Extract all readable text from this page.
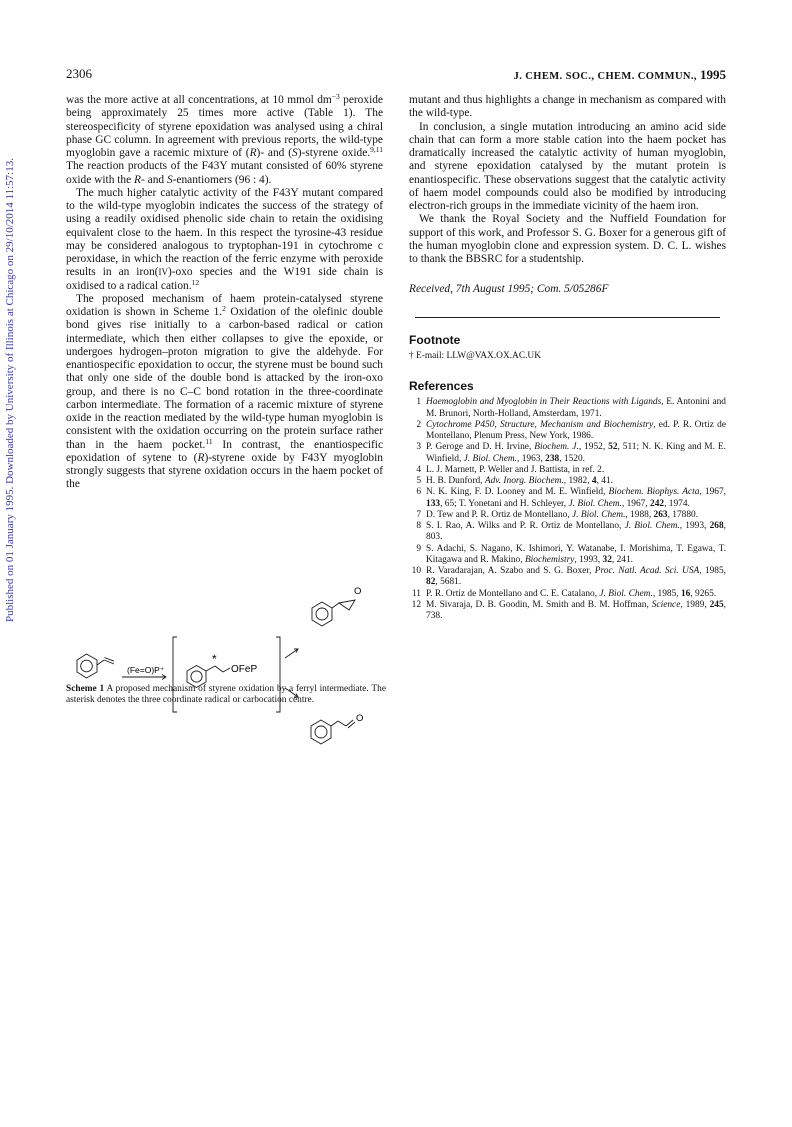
Published on 01 January 1995. Downloaded by University of Illinois at Chicago on 29/10/2014 11:57:13.
2306	J. CHEM. SOC., CHEM. COMMUN., 1995

was the more active at all concentrations, at 10 mmol $dm^{-3}$ peroxide being approximately 25 times more active (Table 1). The stereospecificity of styrene epoxidation was analysed using a chiral phase GC column. In agreement with previous reports, the wild-type myoglobin gave a racemic mixture of (R)- and (S)-styrene oxide.$^{9,11}$ The reaction products of the F43Y mutant consisted of 60% styrene oxide with the R- and S-enantiomers (96 : 4).

The much higher catalytic activity of the F43Y mutant compared to the wild-type myoglobin indicates the success of the strategy of using a readily oxidised phenolic side chain to retain the oxidising equivalent close to the haem. In this respect the tyrosine-43 residue may be considered analogous to tryptophan-191 in cytochrome c peroxidase, in which the reaction of the ferric enzyme with peroxide results in an iron(IV)-oxo species and the W191 side chain is oxidised to a radical cation.$^{12}$

The proposed mechanism of haem protein-catalysed styrene oxidation is shown in Scheme 1.$^2$ Oxidation of the olefinic double bond gives rise initially to a carbon-based radical or cation intermediate, which then either collapses to give the epoxide, or undergoes hydrogen–proton migration to give the aldehyde. For enantiospecific epoxidation to occur, the styrene must be bound such that only one side of the double bond is attacked by the iron-oxo group, and there is no C–C bond rotation in the three-coordinate carbon intermediate. The formation of a racemic mixture of styrene oxide in the reaction mediated by the wild-type human myoglobin is consistent with the oxidation occurring on the protein surface rather than in the haem pocket.$^{11}$ In contrast, the enantiospecific epoxidation of sytene to (R)-styrene oxide by F43Y myoglobin strongly suggests that styrene oxidation occurs in the haem pocket of the

(Fe=O)P⁺
*
OFeP
O
O

Scheme 1 A proposed mechanism of styrene oxidation by a ferryl intermediate. The asterisk denotes the three coordinate radical or carbocation centre.

mutant and thus highlights a change in mechanism as compared with the wild-type.

In conclusion, a single mutation introducing an amino acid side chain that can form a more stable cation into the haem pocket has dramatically increased the catalytic activity of human myoglobin, and styrene epoxidation catalysed by the mutant protein is enantiospecific. These observations suggest that the catalytic activity of haem model compounds could also be modified by introducing electron-rich groups in the immediate vicinity of the haem iron.

We thank the Royal Society and the Nuffield Foundation for support of this work, and Professor S. G. Boxer for a generous gift of the human myoglobin clone and expression system. D. C. L. wishes to thank the BBSRC for a studentship.

Received, 7th August 1995; Com. 5/05286F

Footnote

† E-mail: LLW@VAX.OX.AC.UK

References
1 Haemoglobin and Myoglobin in Their Reactions with Ligands, E. Antonini and M. Brunori, North-Holland, Amsterdam, 1971.
2 Cytochrome P450, Structure, Mechanism and Biochemistry, ed. P. R. Ortiz de Montellano, Plenum Press, New York, 1986.
3 P. Geroge and D. H. Irvine, Biochem. J., 1952, 52, 511; N. K. King and M. E. Winfield, J. Biol. Chem., 1963, 238, 1520.
4 L. J. Marnett, P. Weller and J. Battista, in ref. 2.
5 H. B. Dunford, Adv. Inorg. Biochem., 1982, 4, 41.
6 N. K. King, F. D. Looney and M. E. Winfield, Biochem. Biophys. Acta, 1967, 133, 65; T. Yonetani and H. Schleyer, J. Biol. Chem., 1967, 242, 1974.
7 D. Tew and P. R. Ortiz de Montellano, J. Biol. Chem., 1988, 263, 17880.
8 S. I. Rao, A. Wilks and P. R. Ortiz de Montellano, J. Biol. Chem., 1993, 268, 803.
9 S. Adachi, S. Nagano, K. Ishimori, Y. Watanabe, I. Morishima, T. Egawa, T. Kitagawa and R. Makino, Biochemistry, 1993, 32, 241.
10 R. Varadarajan, A. Szabo and S. G. Boxer, Proc. Natl. Acad. Sci. USA, 1985, 82, 5681.
11 P. R. Ortiz de Montellano and C. E. Catalano, J. Biol. Chem., 1985, 16, 9265.
12 M. Sivaraja, D. B. Goodin, M. Smith and B. M. Hoffman, Science, 1989, 245, 738.
